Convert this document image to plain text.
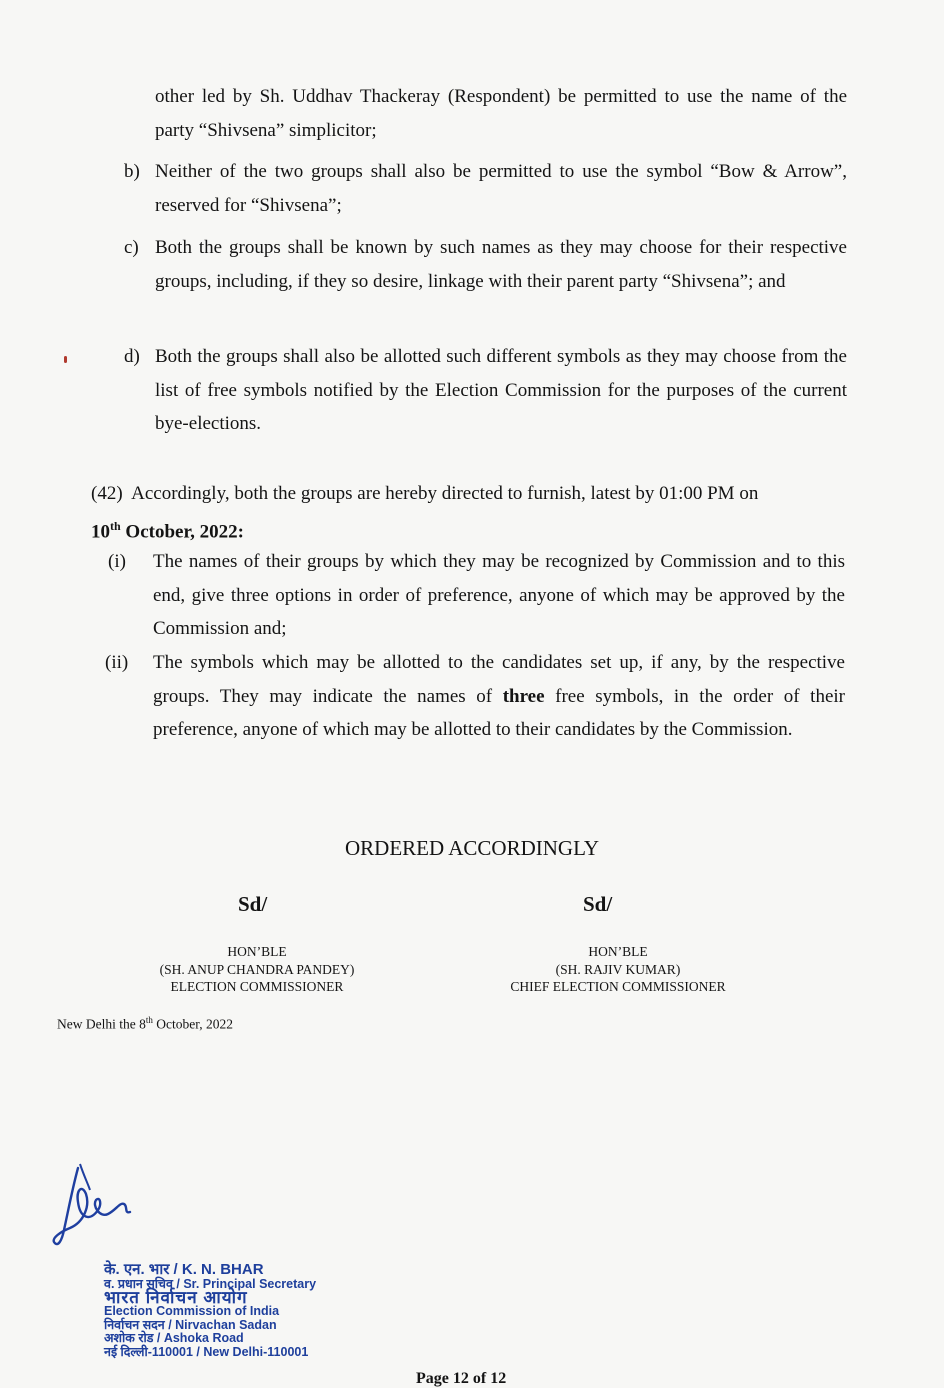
other led by Sh. Uddhav Thackeray (Respondent) be permitted to use the name of the party “Shivsena” simplicitor;
b) Neither of the two groups shall also be permitted to use the symbol “Bow & Arrow”, reserved for “Shivsena”;
c) Both the groups shall be known by such names as they may choose for their respective groups, including, if they so desire, linkage with their parent party “Shivsena”; and
d) Both the groups shall also be allotted such different symbols as they may choose from the list of free symbols notified by the Election Commission for the purposes of the current bye-elections.
(42) Accordingly, both the groups are hereby directed to furnish, latest by 01:00 PM on
10th October, 2022:
(i) The names of their groups by which they may be recognized by Commission and to this end, give three options in order of preference, anyone of which may be approved by the Commission and;
(ii) The symbols which may be allotted to the candidates set up, if any, by the respective groups. They may indicate the names of three free symbols, in the order of their preference, anyone of which may be allotted to their candidates by the Commission.
ORDERED ACCORDINGLY
Sd/	Sd/
HON’BLE
(SH. ANUP CHANDRA PANDEY)
ELECTION COMMISSIONER
HON’BLE
(SH. RAJIV KUMAR)
CHIEF ELECTION COMMISSIONER
New Delhi the 8th October, 2022
के. एन. भार / K. N. BHAR
व. प्रधान सचिव / Sr. Principal Secretary
भारत निर्वाचन आयोग
Election Commission of India
निर्वाचन सदन / Nirvachan Sadan
अशोक रोड / Ashoka Road
नई दिल्ली-110001 / New Delhi-110001
Page 12 of 12
